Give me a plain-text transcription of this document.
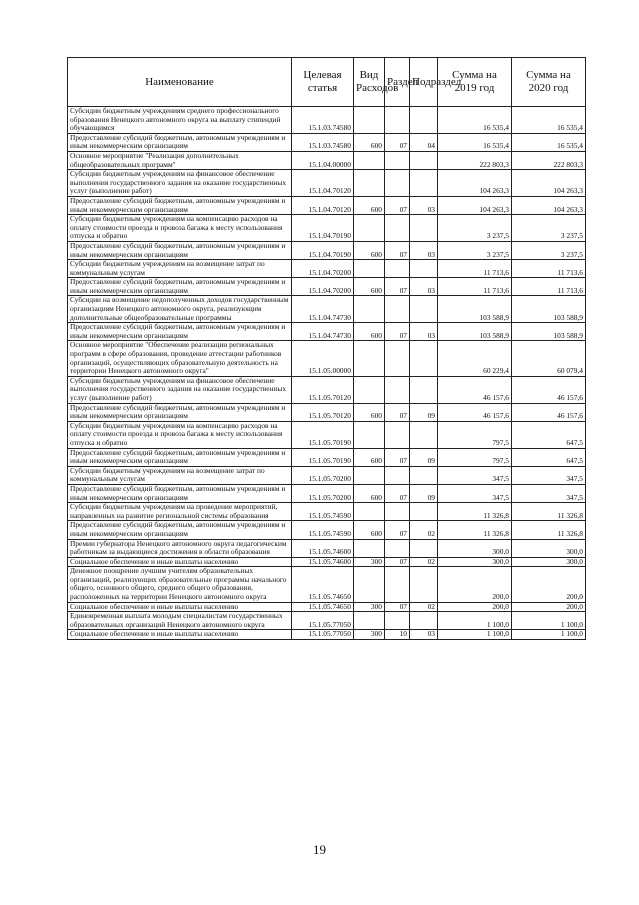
Наименование	Целевая статья	Вид Расходов	Раздел	Подраздел	Сумма на 2019 год	Сумма на 2020 год
Субсидии бюджетным учреждениям среднего профессионального образования Ненецкого автономного округа на выплату стипендий обучающимся	15.1.03.74580				16 535,4	16 535,4
Предоставление субсидий бюджетным, автономным учреждениям и иным некоммерческим организациям	15.1.03.74580	600	07	04	16 535,4	16 535,4
Основное мероприятие "Реализация дополнительных общеобразовательных программ"	15.1.04.00000				222 803,3	222 803,3
Субсидии бюджетным учреждениям на финансовое обеспечение выполнения государственного задания на оказание государственных услуг (выполнение работ)	15.1.04.70120				104 263,3	104 263,3
Предоставление субсидий бюджетным, автономным учреждениям и иным некоммерческим организациям	15.1.04.70120	600	07	03	104 263,3	104 263,3
Субсидии бюджетным учреждениям на компенсацию расходов на оплату стоимости проезда и провоза багажа к месту использования отпуска и обратно	15.1.04.70190				3 237,5	3 237,5
Предоставление субсидий бюджетным, автономным учреждениям и иным некоммерческим организациям	15.1.04.70190	600	07	03	3 237,5	3 237,5
Субсидии бюджетным учреждениям на возмещение затрат по коммунальным услугам	15.1.04.70200				11 713,6	11 713,6
Предоставление субсидий бюджетным, автономным учреждениям и иным некоммерческим организациям	15.1.04.70200	600	07	03	11 713,6	11 713,6
Субсидии на возмещение недополученных доходов государственным организациям Ненецкого автономного округа, реализующим дополнительные общеобразовательные программы	15.1.04.74730				103 588,9	103 588,9
Предоставление субсидий бюджетным, автономным учреждениям и иным некоммерческим организациям	15.1.04.74730	600	07	03	103 588,9	103 588,9
Основное мероприятие "Обеспечение реализации региональных программ в сфере образования, проведение аттестации работников организаций, осуществляющих образовательную деятельность на территории Ненецкого автономного округа"	15.1.05.00000				60 229,4	60 079,4
Субсидии бюджетным учреждениям на финансовое обеспечение выполнения государственного задания на оказание государственных услуг (выполнение работ)	15.1.05.70120				46 157,6	46 157,6
Предоставление субсидий бюджетным, автономным учреждениям и иным некоммерческим организациям	15.1.05.70120	600	07	09	46 157,6	46 157,6
Субсидии бюджетным учреждениям на компенсацию расходов на оплату стоимости проезда и провоза багажа к месту использования отпуска и обратно	15.1.05.70190				797,5	647,5
Предоставление субсидий бюджетным, автономным учреждениям и иным некоммерческим организациям	15.1.05.70190	600	07	09	797,5	647,5
Субсидии бюджетным учреждениям на возмещение затрат по коммунальным услугам	15.1.05.70200				347,5	347,5
Предоставление субсидий бюджетным, автономным учреждениям и иным некоммерческим организациям	15.1.05.70200	600	07	09	347,5	347,5
Субсидии бюджетным учреждениям на проведение мероприятий, направленных на развитие региональной системы образования	15.1.05.74590				11 326,8	11 326,8
Предоставление субсидий бюджетным, автономным учреждениям и иным некоммерческим организациям	15.1.05.74590	600	07	02	11 326,8	11 326,8
Премии губернатора Ненецкого автономного округа педагогическим работникам за выдающиеся достижения в области образования	15.1.05.74600				300,0	300,0
Социальное обеспечение и иные выплаты населению	15.1.05.74600	300	07	02	300,0	300,0
Денежное поощрение лучшим учителям образовательных организаций, реализующих образовательные программы начального общего, основного общего, среднего общего образования, расположенных на территории Ненецкого автономного округа	15.1.05.74650				200,0	200,0
Социальное обеспечение и иные выплаты населению	15.1.05.74650	300	07	02	200,0	200,0
Единовременная выплата молодым специалистам государственных образовательных организаций Ненецкого автономного округа	15.1.05.77050				1 100,0	1 100,0
Социальное обеспечение и иные выплаты населению	15.1.05.77050	300	10	03	1 100,0	1 100,0
19
